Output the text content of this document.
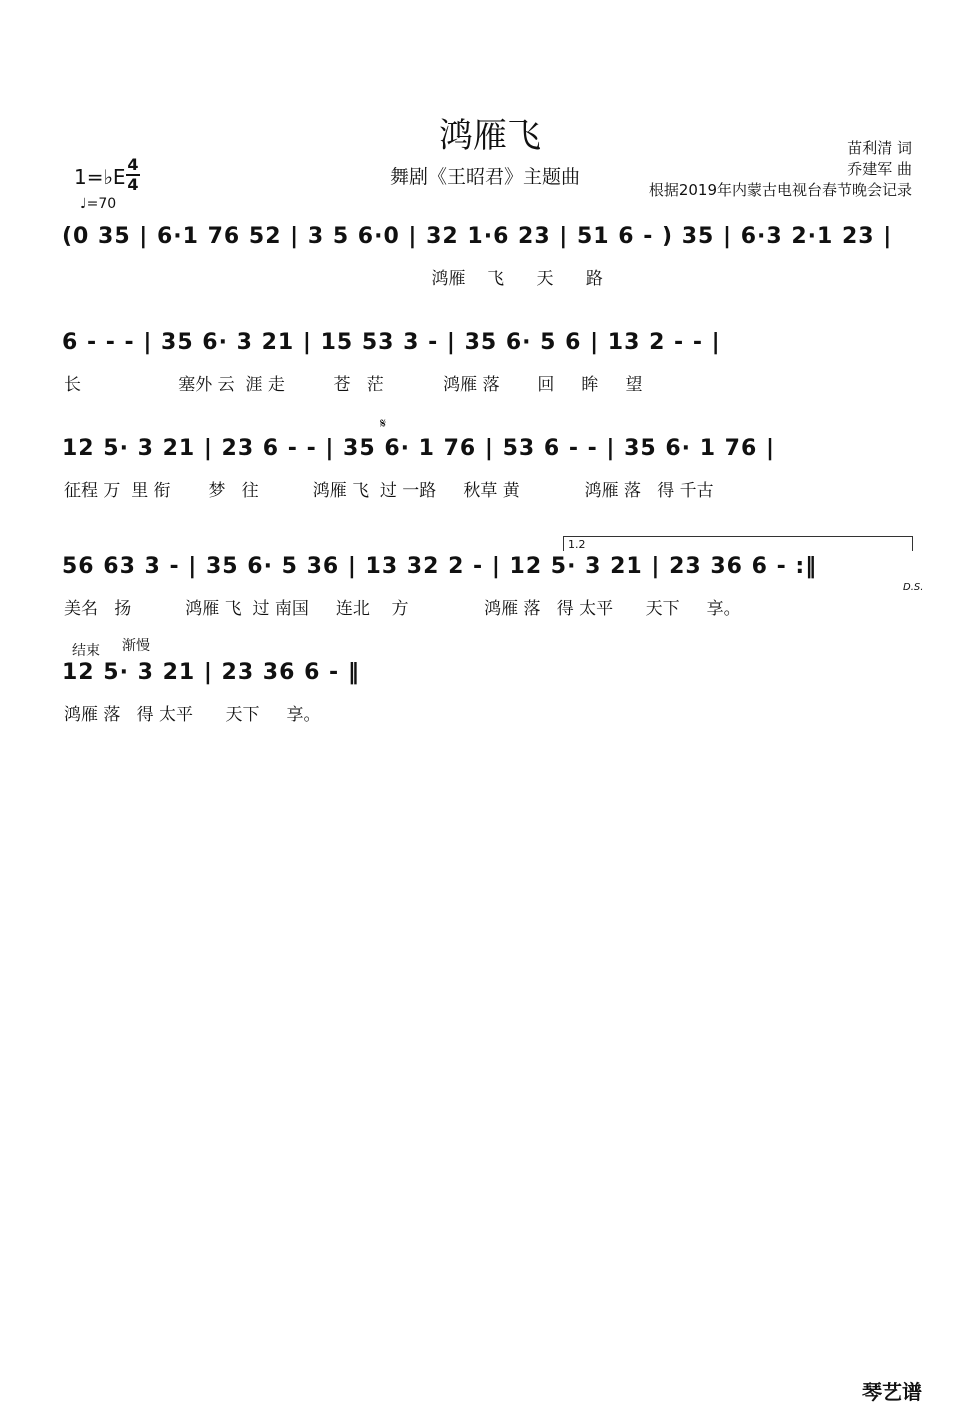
鸿雁飞
舞剧《王昭君》主题曲
苗利清 词
乔建军 曲
根据2019年内蒙古电视台春节晚会记录
1=♭E
4
4
♩=70
(0 35 | 6·1 76 52 | 3 5 6·0 | 32 1·6 23 | 51 6 - ) 35 | 6·3 2·1 23 |
鸿雁    飞      天      路
6 - - - | 35 6· 3 21 | 15 53 3 - | 35 6· 5 6 | 13 2 - - |
长                  塞外 云  涯 走         苍   茫           鸿雁 落       回     眸     望
𝄋
12 5· 3 21 | 23 6 - - | 35 6· 1 76 | 53 6 - - | 35 6· 1 76 |
征程 万  里 衔       梦   往          鸿雁 飞  过 一路     秋草 黄            鸿雁 落   得 千古
1.2
56 63 3 - | 35 6· 5 36 | 13 32 2 - | 12 5· 3 21 | 23 36 6 - :‖
D.S.
美名   扬          鸿雁 飞  过 南国     连北    方              鸿雁 落   得 太平      天下     享。
结束 渐慢
12 5· 3 21 | 23 36 6 - ‖
鸿雁 落   得 太平      天下     享。
琴艺谱
